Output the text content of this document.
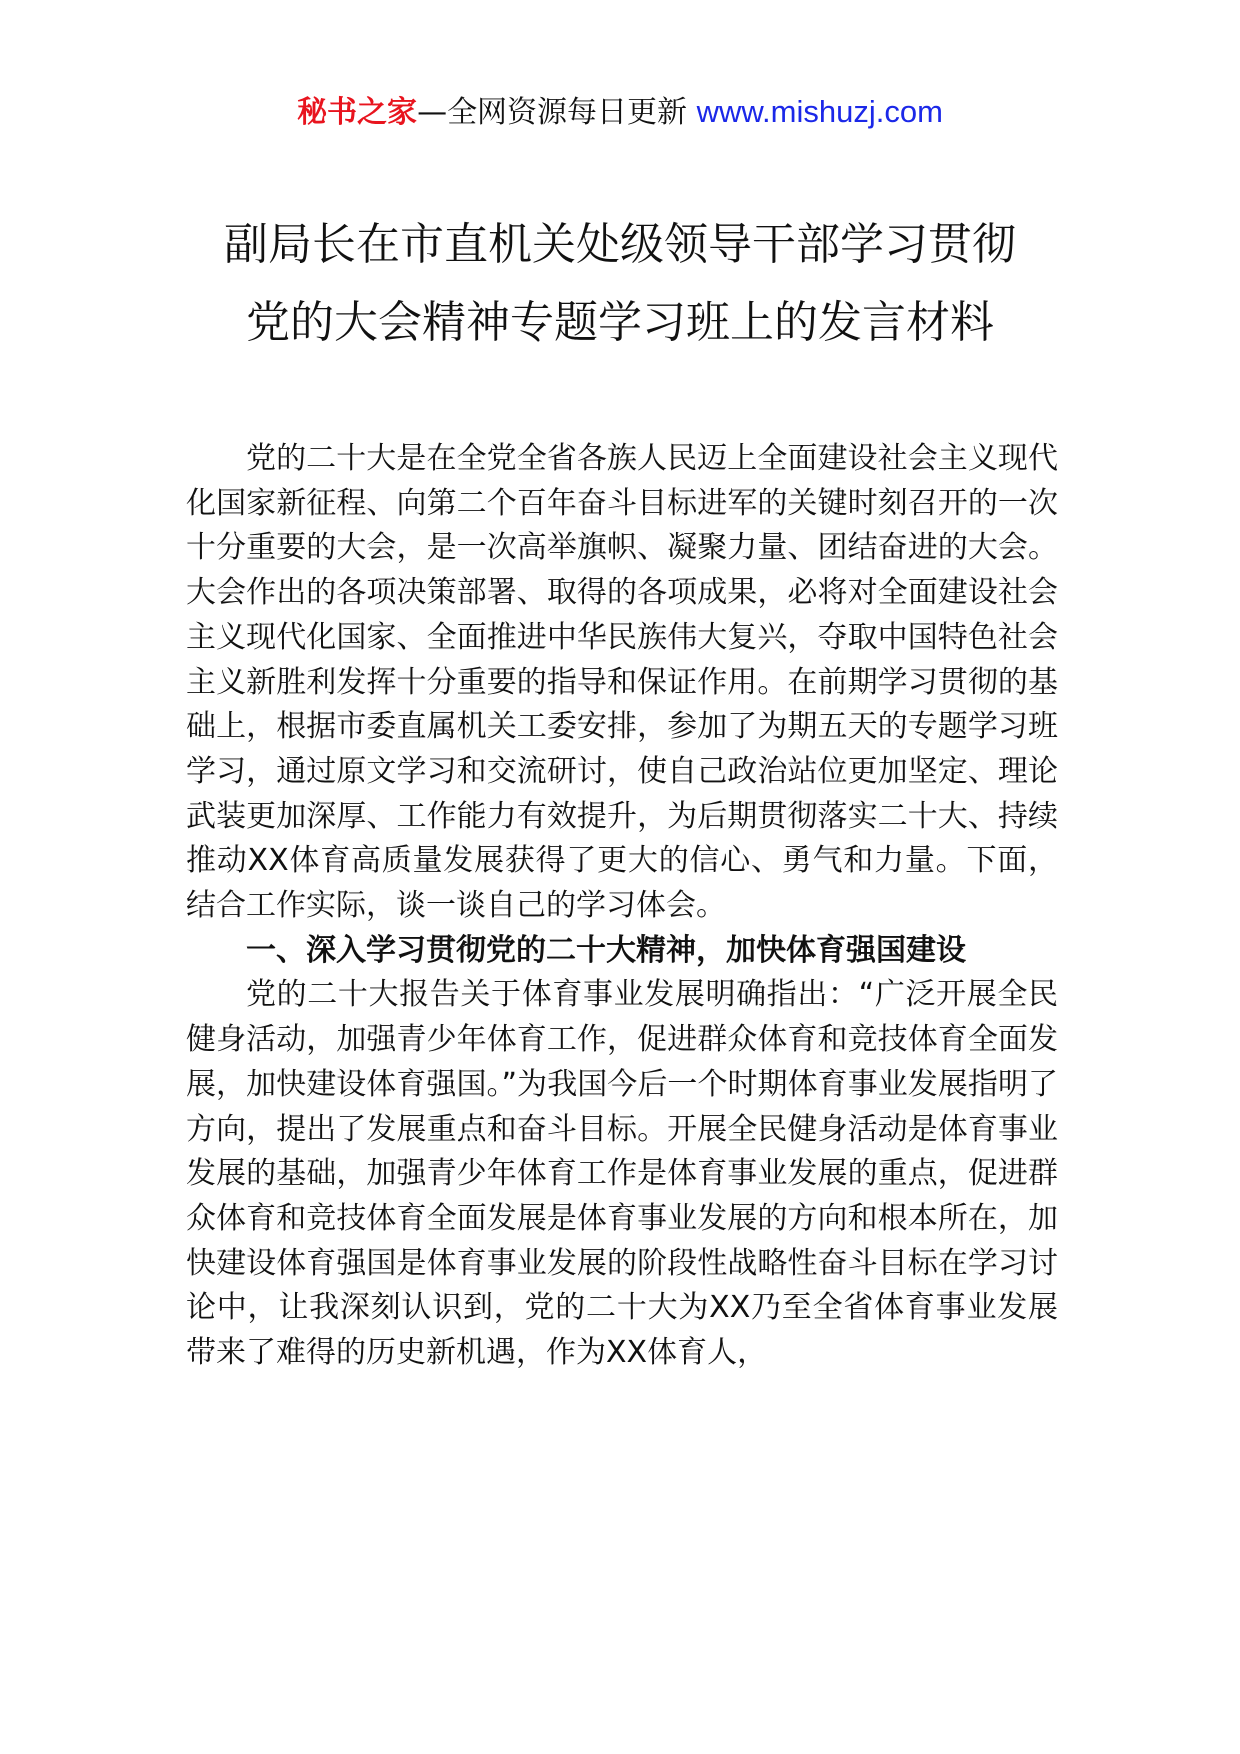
秘书之家—全网资源每日更新 www.mishuzj.com
副局长在市直机关处级领导干部学习贯彻
党的大会精神专题学习班上的发言材料

党的二十大是在全党全省各族人民迈上全面建设社会主义现代化国家新征程、向第二个百年奋斗目标进军的关键时刻召开的一次十分重要的大会，是一次高举旗帜、凝聚力量、团结奋进的大会。大会作出的各项决策部署、取得的各项成果，必将对全面建设社会主义现代化国家、全面推进中华民族伟大复兴，夺取中国特色社会主义新胜利发挥十分重要的指导和保证作用。在前期学习贯彻的基础上，根据市委直属机关工委安排，参加了为期五天的专题学习班学习，通过原文学习和交流研讨，使自己政治站位更加坚定、理论武装更加深厚、工作能力有效提升，为后期贯彻落实二十大、持续推动XX体育高质量发展获得了更大的信心、勇气和力量。下面，结合工作实际，谈一谈自己的学习体会。

一、深入学习贯彻党的二十大精神，加快体育强国建设

党的二十大报告关于体育事业发展明确指出：“广泛开展全民健身活动，加强青少年体育工作，促进群众体育和竞技体育全面发展，加快建设体育强国。”为我国今后一个时期体育事业发展指明了方向，提出了发展重点和奋斗目标。开展全民健身活动是体育事业发展的基础，加强青少年体育工作是体育事业发展的重点，促进群众体育和竞技体育全面发展是体育事业发展的方向和根本所在，加快建设体育强国是体育事业发展的阶段性战略性奋斗目标在学习讨论中，让我深刻认识到，党的二十大为XX乃至全省体育事业发展带来了难得的历史新机遇，作为XX体育人，
